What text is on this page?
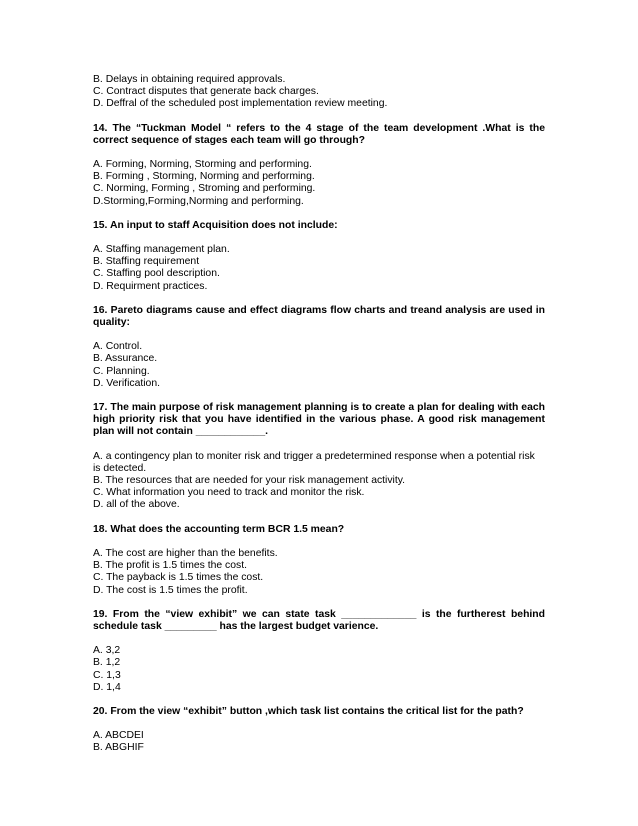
B. Delays in obtaining required approvals.
C. Contract disputes that generate back charges.
D. Deffral of the scheduled post implementation review meeting.
14. The “Tuckman Model “ refers to the 4 stage of the team development .What is the correct sequence of stages each team will go through?
A. Forming, Norming, Storming and performing.
B. Forming , Storming, Norming and performing.
C. Norming, Forming , Stroming and performing.
D.Storming,Forming,Norming and performing.
15. An input to staff Acquisition does not include:
A. Staffing management plan.
B. Staffing requirement
C. Staffing pool description.
D. Requirment practices.
16. Pareto diagrams cause and effect diagrams flow charts and treand analysis are used in quality:
A. Control.
B. Assurance.
C. Planning.
D. Verification.
17. The main purpose of risk management planning is to create a plan for dealing with each high priority risk that you have identified in the various phase. A good risk management plan will not contain ____________.
A. a contingency plan to moniter risk and trigger a predetermined response when a potential risk is detected.
B. The resources that are needed for your risk management activity.
C. What information you need to track and monitor the risk.
D. all of the above.
18. What does the accounting term BCR 1.5 mean?
A. The cost are higher than the benefits.
B. The profit is 1.5 times the cost.
C. The payback is 1.5 times the cost.
D. The cost is 1.5 times the profit.
19. From the “view exhibit” we can state task _____________ is the furtherest behind schedule task _________ has the largest budget varience.
A. 3,2
B. 1,2
C. 1,3
D. 1,4
20. From the view “exhibit” button ,which task list contains the critical list for the path?
A. ABCDEI
B. ABGHIF
